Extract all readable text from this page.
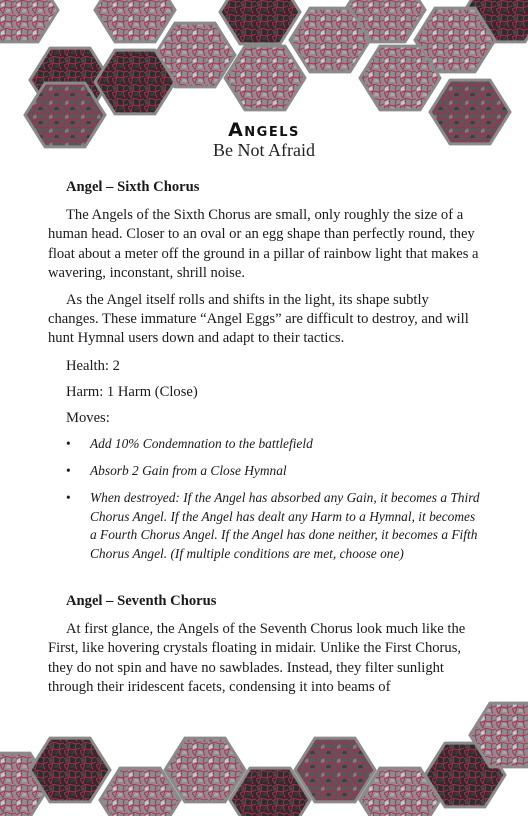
Angels
Be Not Afraid
Angel – Sixth Chorus

The Angels of the Sixth Chorus are small, only roughly the size of a human head. Closer to an oval or an egg shape than perfectly round, they float about a meter off the ground in a pillar of rainbow light that makes a wavering, inconstant, shrill noise.

As the Angel itself rolls and shifts in the light, its shape subtly changes. These immature “Angel Eggs” are difficult to destroy, and will hunt Hymnal users down and adapt to their tactics.

Health: 2
Harm: 1 Harm (Close)
Moves:
• Add 10% Condemnation to the battlefield
• Absorb 2 Gain from a Close Hymnal
• When destroyed: If the Angel has absorbed any Gain, it becomes a Third Chorus Angel. If the Angel has dealt any Harm to a Hymnal, it becomes a Fourth Chorus Angel. If the Angel has done neither, it becomes a Fifth Chorus Angel. (If multiple conditions are met, choose one)
Angel – Seventh Chorus

At first glance, the Angels of the Seventh Chorus look much like the First, like hovering crystals floating in midair. Unlike the First Chorus, they do not spin and have no sawblades. Instead, they filter sunlight through their iridescent facets, condensing it into beams of
